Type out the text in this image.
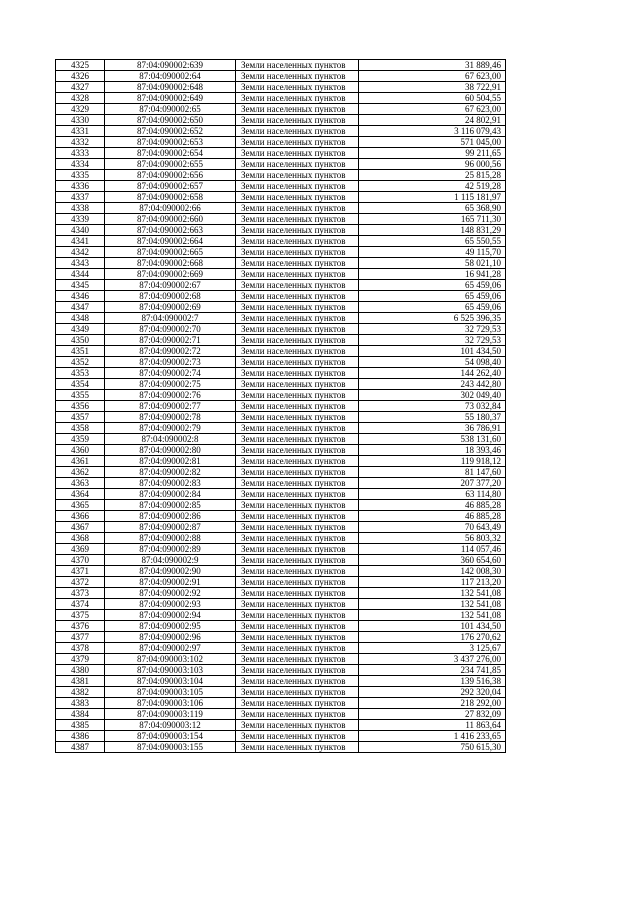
4325	87:04:090002:639	Земли населенных пунктов	31 889,46
4326	87:04:090002:64	Земли населенных пунктов	67 623,00
4327	87:04:090002:648	Земли населенных пунктов	38 722,91
4328	87:04:090002:649	Земли населенных пунктов	60 504,55
4329	87:04:090002:65	Земли населенных пунктов	67 623,00
4330	87:04:090002:650	Земли населенных пунктов	24 802,91
4331	87:04:090002:652	Земли населенных пунктов	3 116 079,43
4332	87:04:090002:653	Земли населенных пунктов	571 045,00
4333	87:04:090002:654	Земли населенных пунктов	99 211,65
4334	87:04:090002:655	Земли населенных пунктов	96 000,56
4335	87:04:090002:656	Земли населенных пунктов	25 815,28
4336	87:04:090002:657	Земли населенных пунктов	42 519,28
4337	87:04:090002:658	Земли населенных пунктов	1 115 181,97
4338	87:04:090002:66	Земли населенных пунктов	65 368,90
4339	87:04:090002:660	Земли населенных пунктов	165 711,30
4340	87:04:090002:663	Земли населенных пунктов	148 831,29
4341	87:04:090002:664	Земли населенных пунктов	65 550,55
4342	87:04:090002:665	Земли населенных пунктов	49 115,70
4343	87:04:090002:668	Земли населенных пунктов	58 021,10
4344	87:04:090002:669	Земли населенных пунктов	16 941,28
4345	87:04:090002:67	Земли населенных пунктов	65 459,06
4346	87:04:090002:68	Земли населенных пунктов	65 459,06
4347	87:04:090002:69	Земли населенных пунктов	65 459,06
4348	87:04:090002:7	Земли населенных пунктов	6 525 396,35
4349	87:04:090002:70	Земли населенных пунктов	32 729,53
4350	87:04:090002:71	Земли населенных пунктов	32 729,53
4351	87:04:090002:72	Земли населенных пунктов	101 434,50
4352	87:04:090002:73	Земли населенных пунктов	54 098,40
4353	87:04:090002:74	Земли населенных пунктов	144 262,40
4354	87:04:090002:75	Земли населенных пунктов	243 442,80
4355	87:04:090002:76	Земли населенных пунктов	302 049,40
4356	87:04:090002:77	Земли населенных пунктов	73 032,84
4357	87:04:090002:78	Земли населенных пунктов	55 180,37
4358	87:04:090002:79	Земли населенных пунктов	36 786,91
4359	87:04:090002:8	Земли населенных пунктов	538 131,60
4360	87:04:090002:80	Земли населенных пунктов	18 393,46
4361	87:04:090002:81	Земли населенных пунктов	119 918,12
4362	87:04:090002:82	Земли населенных пунктов	81 147,60
4363	87:04:090002:83	Земли населенных пунктов	207 377,20
4364	87:04:090002:84	Земли населенных пунктов	63 114,80
4365	87:04:090002:85	Земли населенных пунктов	46 885,28
4366	87:04:090002:86	Земли населенных пунктов	46 885,28
4367	87:04:090002:87	Земли населенных пунктов	70 643,49
4368	87:04:090002:88	Земли населенных пунктов	56 803,32
4369	87:04:090002:89	Земли населенных пунктов	114 057,46
4370	87:04:090002:9	Земли населенных пунктов	360 654,60
4371	87:04:090002:90	Земли населенных пунктов	142 008,30
4372	87:04:090002:91	Земли населенных пунктов	117 213,20
4373	87:04:090002:92	Земли населенных пунктов	132 541,08
4374	87:04:090002:93	Земли населенных пунктов	132 541,08
4375	87:04:090002:94	Земли населенных пунктов	132 541,08
4376	87:04:090002:95	Земли населенных пунктов	101 434,50
4377	87:04:090002:96	Земли населенных пунктов	176 270,62
4378	87:04:090002:97	Земли населенных пунктов	3 125,67
4379	87:04:090003:102	Земли населенных пунктов	3 437 276,00
4380	87:04:090003:103	Земли населенных пунктов	234 741,85
4381	87:04:090003:104	Земли населенных пунктов	139 516,38
4382	87:04:090003:105	Земли населенных пунктов	292 320,04
4383	87:04:090003:106	Земли населенных пунктов	218 292,00
4384	87:04:090003:119	Земли населенных пунктов	27 832,09
4385	87:04:090003:12	Земли населенных пунктов	11 863,64
4386	87:04:090003:154	Земли населенных пунктов	1 416 233,65
4387	87:04:090003:155	Земли населенных пунктов	750 615,30
